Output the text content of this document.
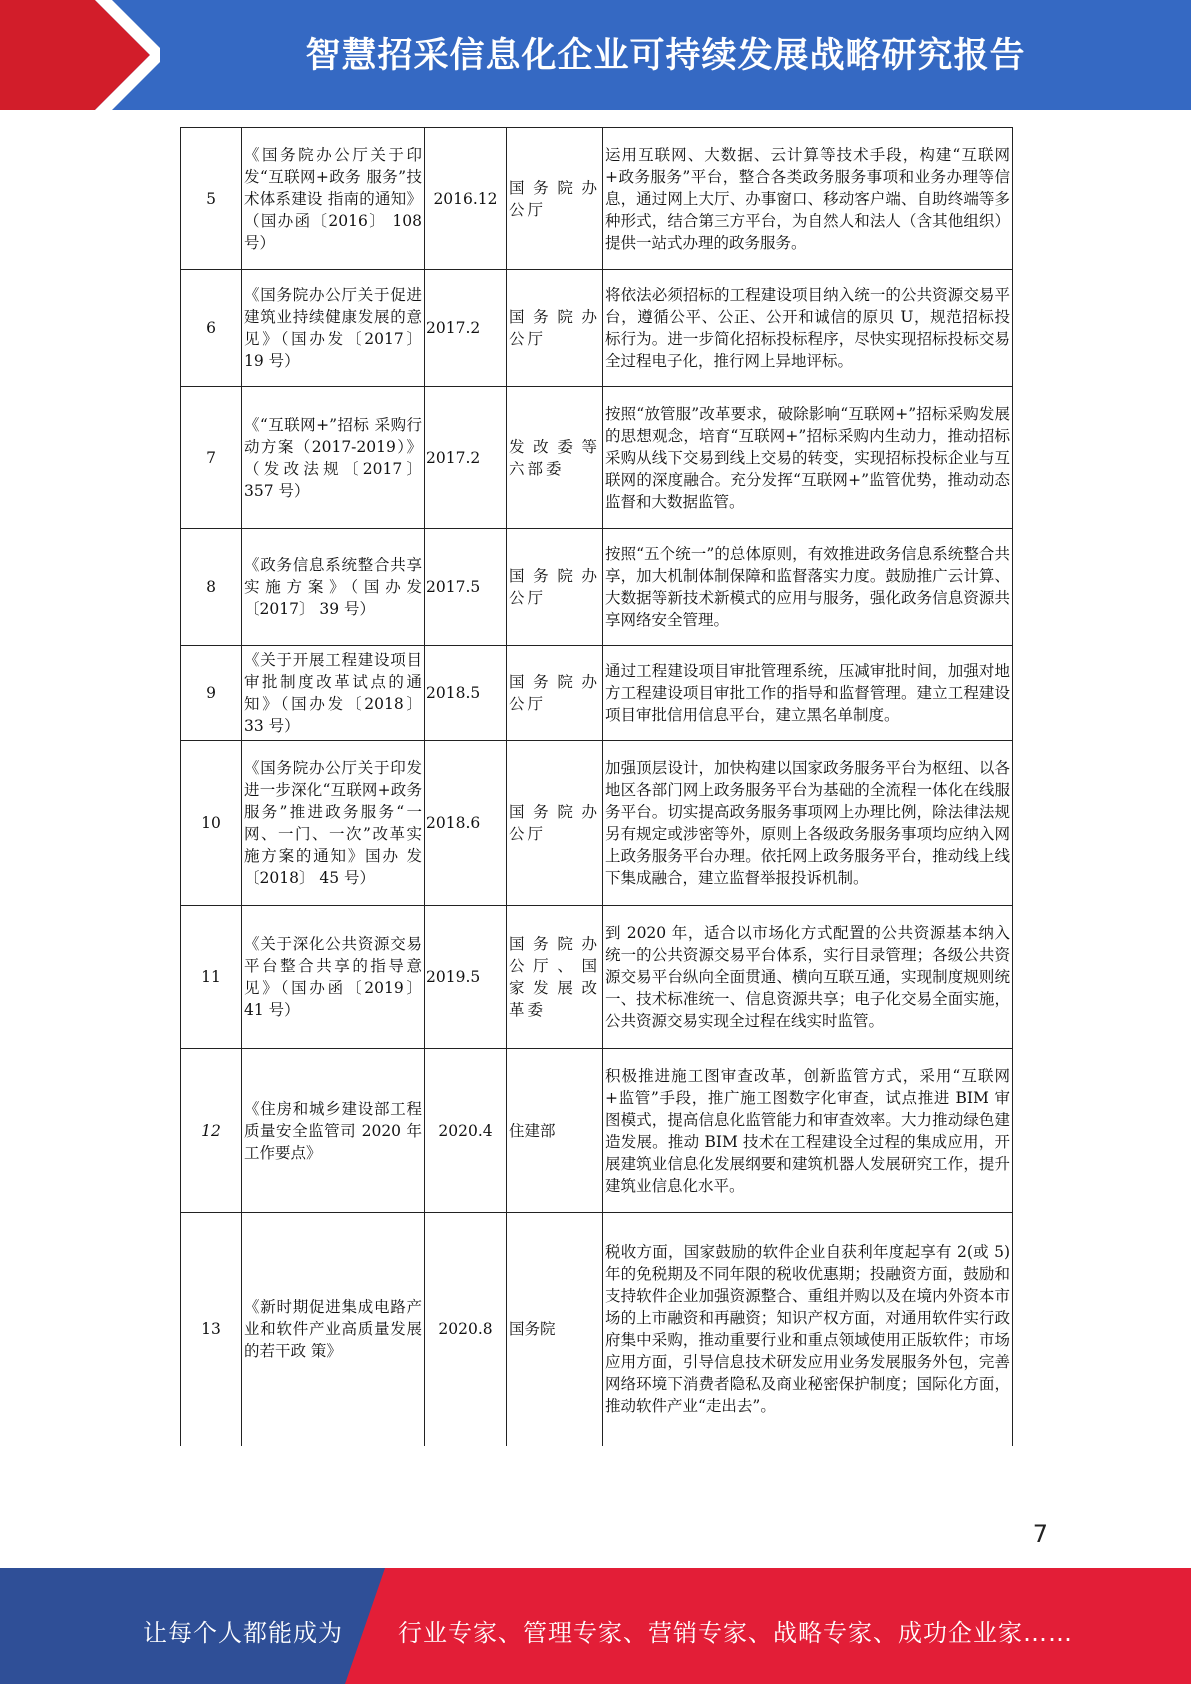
智慧招采信息化企业可持续发展战略研究报告
5	《国务院办公厅关于印发“互联网+政务 服务”技术体系建设 指南的通知》（国办函〔2016〕 108 号）	2016.12	国务院办公厅	运用互联网、大数据、云计算等技术手段，构建“互联网+政务服务”平台，整合各类政务服务事项和业务办理等信息，通过网上大厅、办事窗口、移动客户端、自助终端等多种形式，结合第三方平台，为自然人和法人（含其他组织）提供一站式办理的政务服务。
6	《国务院办公厅关于促进建筑业持续健康发展的意见》（国办发〔2017〕 19 号）	2017.2	国务院办公厅	将依法必须招标的工程建设项目纳入统一的公共资源交易平台，遵循公平、公正、公开和诚信的原贝 U，规范招标投标行为。进一步简化招标投标程序，尽快实现招标投标交易全过程电子化，推行网上异地评标。
7	《“互联网+”招标 采购行动方案（2017-2019）》（发改法规〔2017〕 357 号）	2017.2	发改委等六部委	按照“放管服”改革要求，破除影响“互联网+”招标采购发展的思想观念，培育“互联网+”招标采购内生动力，推动招标采购从线下交易到线上交易的转变，实现招标投标企业与互联网的深度融合。充分发挥“互联网+”监管优势，推动动态监督和大数据监管。
8	《政务信息系统整合共享实施方案》（国办发〔2017〕 39 号）	2017.5	国务院办公厅	按照“五个统一”的总体原则，有效推进政务信息系统整合共享，加大机制体制保障和监督落实力度。鼓励推广云计算、大数据等新技术新模式的应用与服务，强化政务信息资源共享网络安全管理。
9	《关于开展工程建设项目审批制度改革试点的通知》（国办发〔2018〕 33 号）	2018.5	国务院办公厅	通过工程建设项目审批管理系统，压减审批时间，加强对地方工程建设项目审批工作的指导和监督管理。建立工程建设项目审批信用信息平台，建立黑名单制度。
10	《国务院办公厅关于印发进一步深化“互联网+政务服务”推进政务服务“一网、一门、一次”改革实 施方案的通知》国办 发〔2018〕 45 号）	2018.6	国务院办公厅	加强顶层设计，加快构建以国家政务服务平台为枢纽、以各地区各部门网上政务服务平台为基础的全流程一体化在线服务平台。切实提高政务服务事项网上办理比例，除法律法规另有规定或涉密等外，原则上各级政务服务事项均应纳入网上政务服务平台办理。依托网上政务服务平台，推动线上线下集成融合，建立监督举报投诉机制。
11	《关于深化公共资源交易平台整合共享的指导意见》（国办函〔2019〕 41 号）	2019.5	国务院办公厅、国家发展改革委	到 2020 年，适合以市场化方式配置的公共资源基本纳入统一的公共资源交易平台体系，实行目录管理；各级公共资源交易平台纵向全面贯通、横向互联互通，实现制度规则统一、技术标准统一、信息资源共享；电子化交易全面实施，公共资源交易实现全过程在线实时监管。
12	《住房和城乡建设部工程质量安全监管司 2020 年工作要点》	2020.4	住建部	积极推进施工图审查改革，创新监管方式，采用“互联网+监管”手段，推广施工图数字化审查，试点推进 BIM 审图模式，提高信息化监管能力和审查效率。大力推动绿色建造发展。推动 BIM 技术在工程建设全过程的集成应用，开展建筑业信息化发展纲要和建筑机器人发展研究工作，提升建筑业信息化水平。
13	《新时期促进集成电路产业和软件产业高质量发展的若干政 策》	2020.8	国务院	税收方面，国家鼓励的软件企业自获利年度起享有 2(或 5)年的免税期及不同年限的税收优惠期；投融资方面，鼓励和支持软件企业加强资源整合、重组并购以及在境内外资本市场的上市融资和再融资；知识产权方面，对通用软件实行政府集中采购，推动重要行业和重点领域使用正版软件；市场应用方面，引导信息技术研发应用业务发展服务外包，完善网络环境下消费者隐私及商业秘密保护制度；国际化方面，推动软件产业“走出去”。
7
让每个人都能成为 行业专家、管理专家、营销专家、战略专家、成功企业家……
